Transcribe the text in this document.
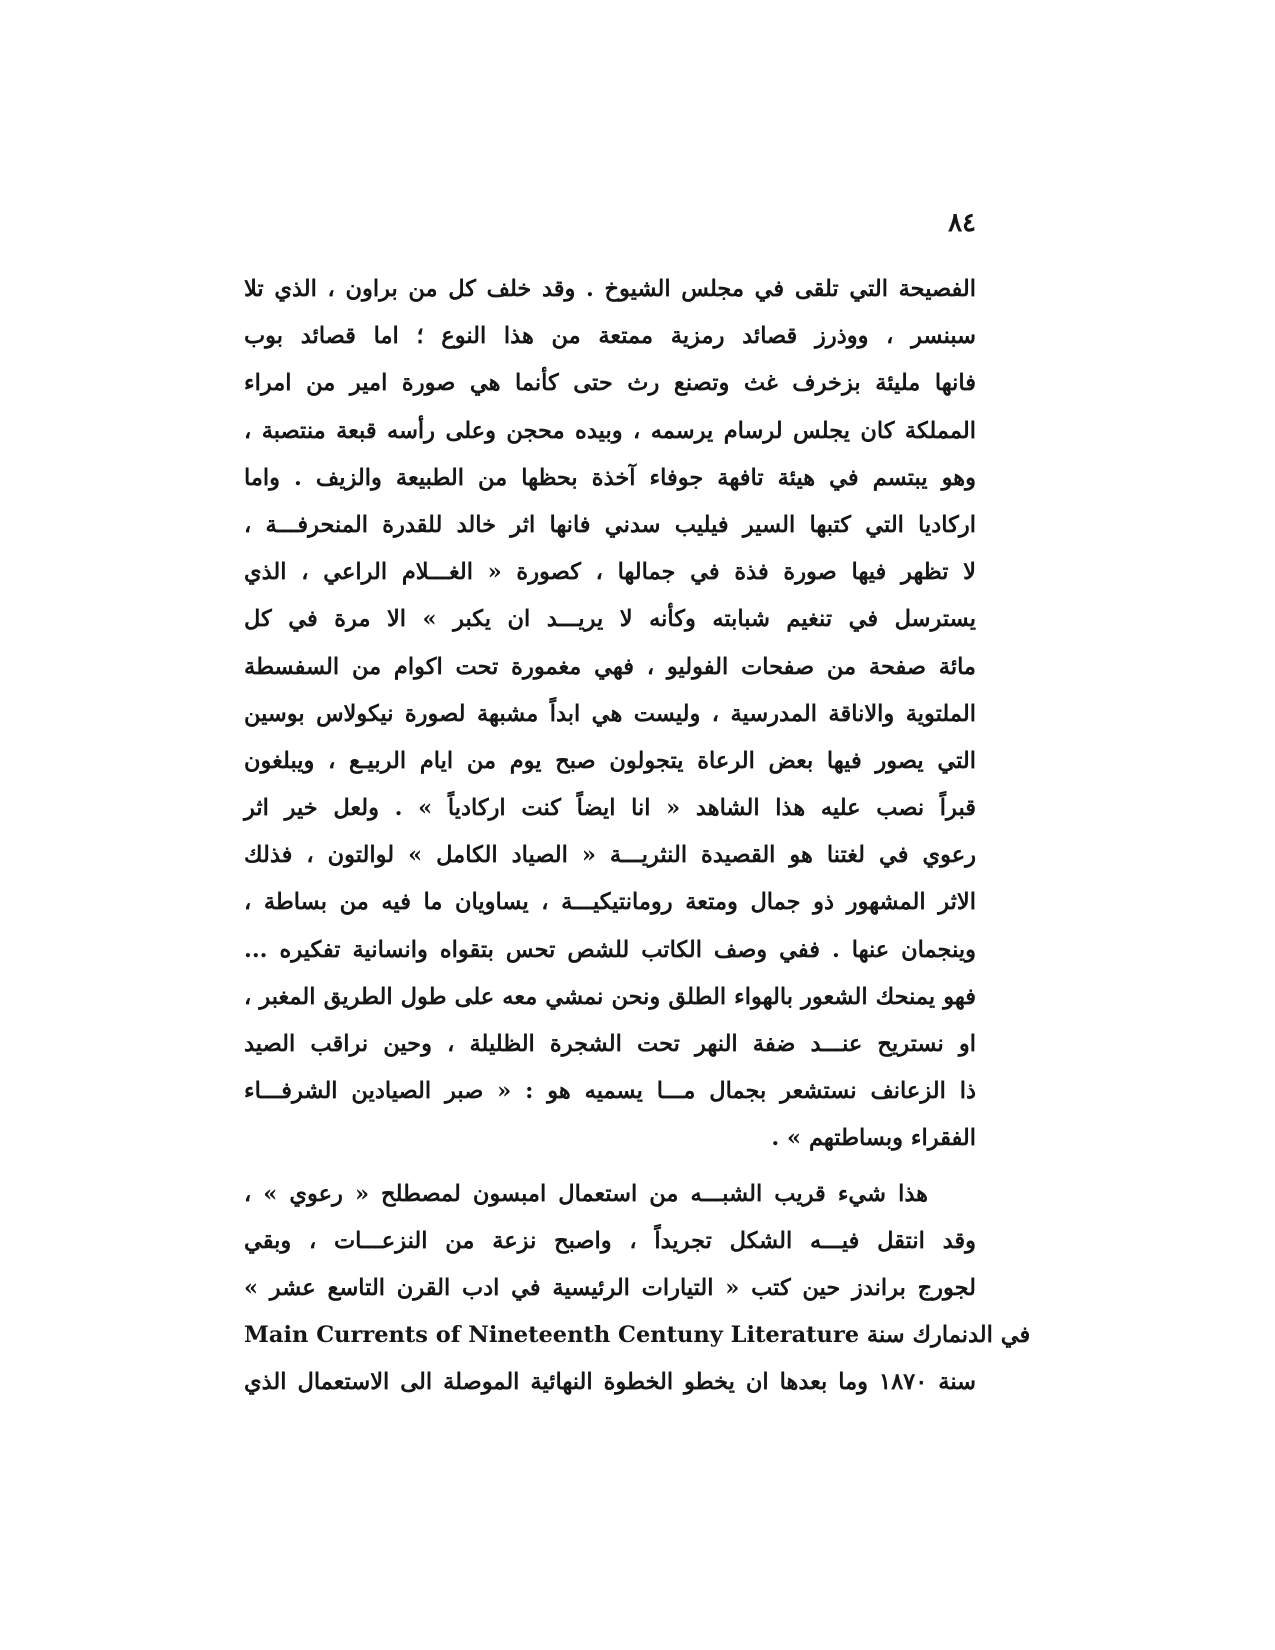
٨٤
الفصيحة التي تلقى في مجلس الشيوخ . وقد خلف كل من براون ، الذي تلا
سبنسر ، ووذرز قصائد رمزية ممتعة من هذا النوع ؛ اما قصائد بوب
فانها مليئة بزخرف غث وتصنع رث حتى كأنما هي صورة امير من امراء
المملكة كان يجلس لرسام يرسمه ، وبيده محجن وعلى رأسه قبعة منتصبة ،
وهو يبتسم في هيئة تافهة جوفاء آخذة بحظها من الطبيعة والزيف . واما
اركاديا التي كتبها السير فيليب سدني فانها اثر خالد للقدرة المنحرفـــة ،
لا تظهر فيها صورة فذة في جمالها ، كصورة « الغـــلام الراعي ، الذي
يسترسل في تنغيم شبابته وكأنه لا يريـــد ان يكبر » الا مرة في كل
مائة صفحة من صفحات الفوليو ، فهي مغمورة تحت اكوام من السفسطة
الملتوية والاناقة المدرسية ، وليست هي ابداً مشبهة لصورة نيكولاس بوسين
التي يصور فيها بعض الرعاة يتجولون صبح يوم من ايام الربيـع ، ويبلغون
قبراً نصب عليه هذا الشاهد « انا ايضاً كنت اركادياً » . ولعل خير اثر
رعوي في لغتنا هو القصيدة النثريـــة « الصياد الكامل » لوالتون ، فذلك
الاثر المشهور ذو جمال ومتعة رومانتيكيـــة ، يساويان ما فيه من بساطة ،
وينجمان عنها . ففي وصف الكاتب للشص تحس بتقواه وانسانية تفكيره ...
فهو يمنحك الشعور بالهواء الطلق ونحن نمشي معه على طول الطريق المغبر ،
او نستريح عنـــد ضفة النهر تحت الشجرة الظليلة ، وحين نراقب الصيد
ذا الزعانف نستشعر بجمال مـــا يسميه هو : « صبر الصيادين الشرفـــاء
الفقراء وبساطتهم » .
هذا شيء قريب الشبـــه من استعمال امبسون لمصطلح « رعوي » ،
وقد انتقل فيـــه الشكل تجريداً ، واصبح نزعة من النزعـــات ، وبقي
لجورج براندز حين كتب « التيارات الرئيسية في ادب القرن التاسع عشر »
Main Currents of Nineteenth Centuny Literature في الدنمارك سنة
سنة ١٨٧٠ وما بعدها ان يخطو الخطوة النهائية الموصلة الى الاستعمال الذي
